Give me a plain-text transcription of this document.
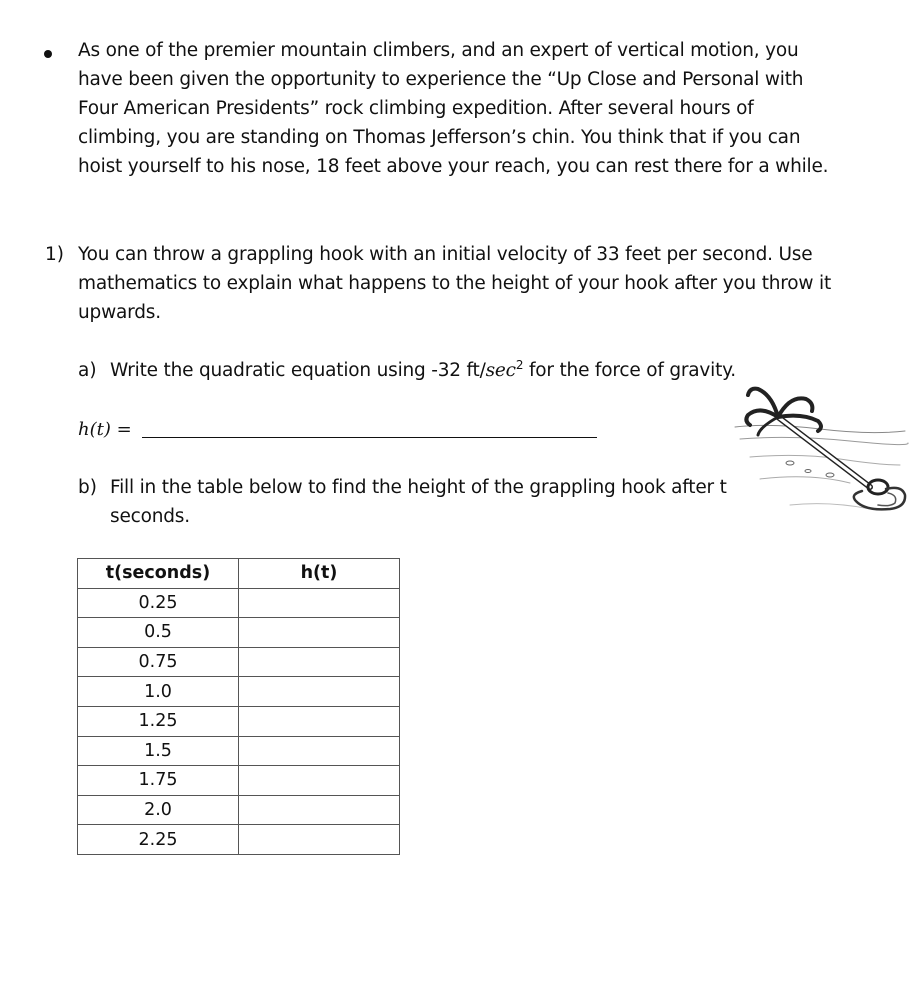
As one of the premier mountain climbers, and an expert of vertical motion, you have been given the opportunity to experience the “Up Close and Personal with Four American Presidents” rock climbing expedition. After several hours of climbing, you are standing on Thomas Jefferson’s chin. You think that if you can hoist yourself to his nose, 18 feet above your reach, you can rest there for a while.
1) You can throw a grappling hook with an initial velocity of 33 feet per second. Use mathematics to explain what happens to the height of your hook after you throw it upwards.
a) Write the quadratic equation using -32 $ft/\sec^2$ for the force of gravity.
h(t) =
b) Fill in the table below to find the height of the grappling hook after t seconds.
t(seconds)	h(t)
0.25	
0.5	
0.75	
1.0	
1.25	
1.5	
1.75	
2.0	
2.25	
